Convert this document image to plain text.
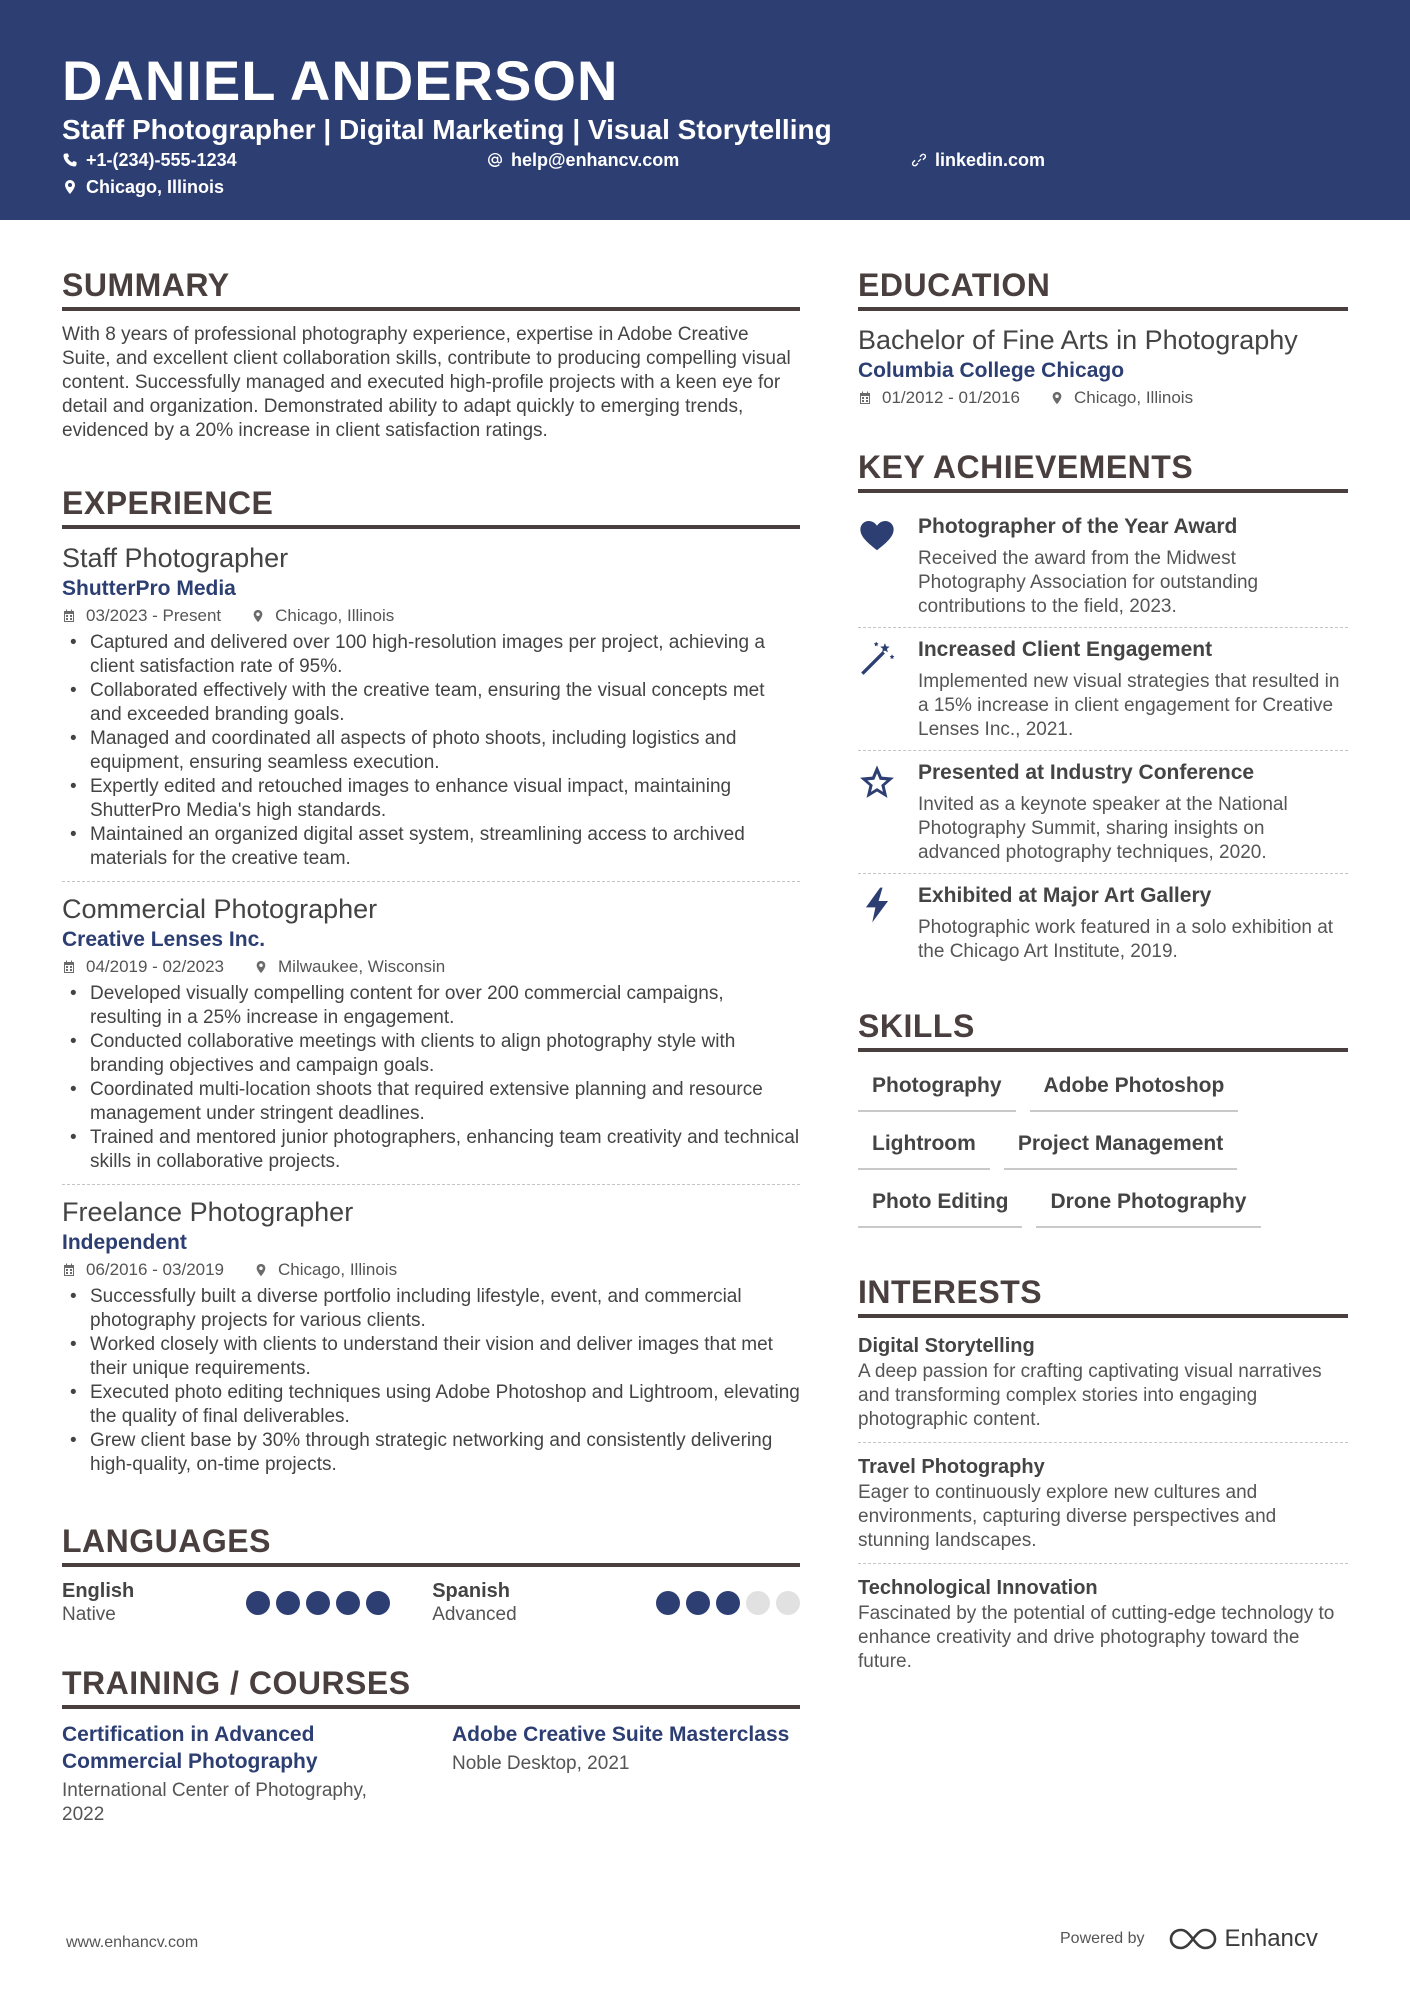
DANIEL ANDERSON
Staff Photographer | Digital Marketing | Visual Storytelling
+1-(234)-555-1234	help@enhancv.com	linkedin.com
Chicago, Illinois
SUMMARY
With 8 years of professional photography experience, expertise in Adobe Creative Suite, and excellent client collaboration skills, contribute to producing compelling visual content. Successfully managed and executed high-profile projects with a keen eye for detail and organization. Demonstrated ability to adapt quickly to emerging trends, evidenced by a 20% increase in client satisfaction ratings.
EXPERIENCE
Staff Photographer
ShutterPro Media
03/2023 - Present	Chicago, Illinois
• Captured and delivered over 100 high-resolution images per project, achieving a client satisfaction rate of 95%.
• Collaborated effectively with the creative team, ensuring the visual concepts met and exceeded branding goals.
• Managed and coordinated all aspects of photo shoots, including logistics and equipment, ensuring seamless execution.
• Expertly edited and retouched images to enhance visual impact, maintaining ShutterPro Media's high standards.
• Maintained an organized digital asset system, streamlining access to archived materials for the creative team.
Commercial Photographer
Creative Lenses Inc.
04/2019 - 02/2023	Milwaukee, Wisconsin
• Developed visually compelling content for over 200 commercial campaigns, resulting in a 25% increase in engagement.
• Conducted collaborative meetings with clients to align photography style with branding objectives and campaign goals.
• Coordinated multi-location shoots that required extensive planning and resource management under stringent deadlines.
• Trained and mentored junior photographers, enhancing team creativity and technical skills in collaborative projects.
Freelance Photographer
Independent
06/2016 - 03/2019	Chicago, Illinois
• Successfully built a diverse portfolio including lifestyle, event, and commercial photography projects for various clients.
• Worked closely with clients to understand their vision and deliver images that met their unique requirements.
• Executed photo editing techniques using Adobe Photoshop and Lightroom, elevating the quality of final deliverables.
• Grew client base by 30% through strategic networking and consistently delivering high-quality, on-time projects.
LANGUAGES
English
Native
Spanish
Advanced
TRAINING / COURSES
Certification in Advanced Commercial Photography
International Center of Photography, 2022
Adobe Creative Suite Masterclass
Noble Desktop, 2021
EDUCATION
Bachelor of Fine Arts in Photography
Columbia College Chicago
01/2012 - 01/2016	Chicago, Illinois
KEY ACHIEVEMENTS
Photographer of the Year Award
Received the award from the Midwest Photography Association for outstanding contributions to the field, 2023.
Increased Client Engagement
Implemented new visual strategies that resulted in a 15% increase in client engagement for Creative Lenses Inc., 2021.
Presented at Industry Conference
Invited as a keynote speaker at the National Photography Summit, sharing insights on advanced photography techniques, 2020.
Exhibited at Major Art Gallery
Photographic work featured in a solo exhibition at the Chicago Art Institute, 2019.
SKILLS
Photography	Adobe Photoshop
Lightroom	Project Management
Photo Editing	Drone Photography
INTERESTS
Digital Storytelling
A deep passion for crafting captivating visual narratives and transforming complex stories into engaging photographic content.
Travel Photography
Eager to continuously explore new cultures and environments, capturing diverse perspectives and stunning landscapes.
Technological Innovation
Fascinated by the potential of cutting-edge technology to enhance creativity and drive photography toward the future.
www.enhancv.com	Powered by	Enhancv
